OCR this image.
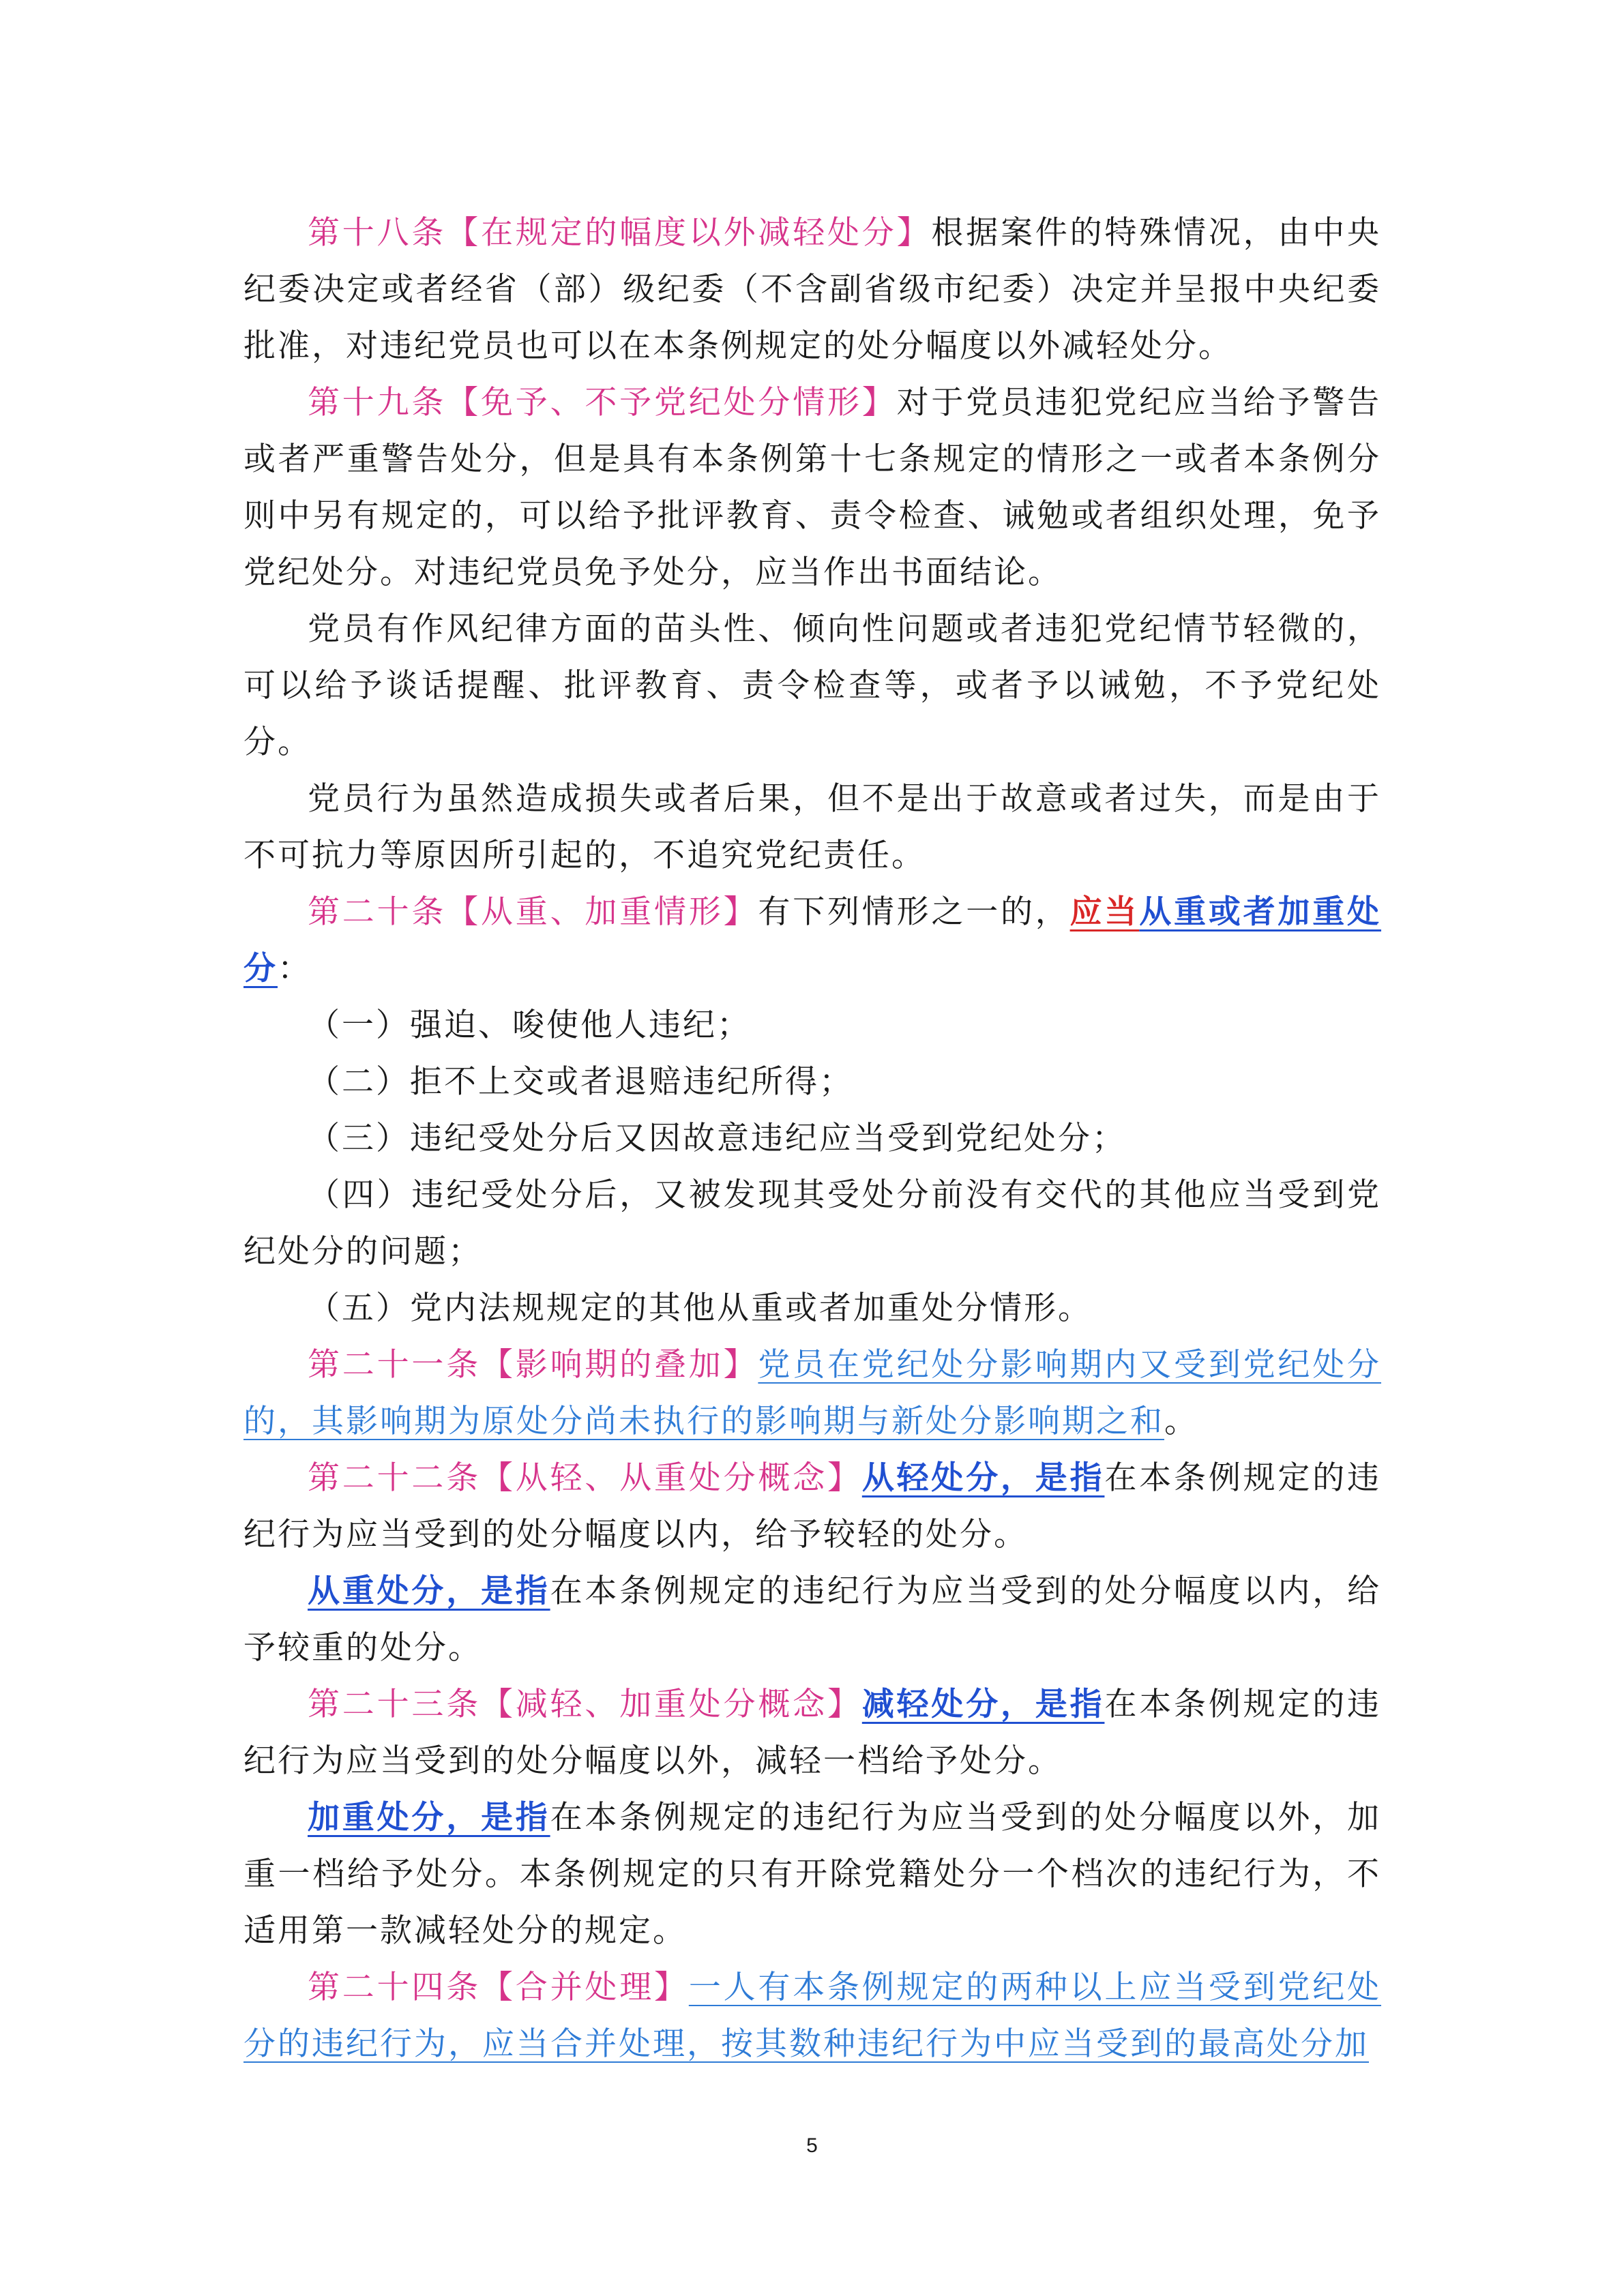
第十八条【在规定的幅度以外减轻处分】根据案件的特殊情况，由中央纪委决定或者经省（部）级纪委（不含副省级市纪委）决定并呈报中央纪委批准，对违纪党员也可以在本条例规定的处分幅度以外减轻处分。

第十九条【免予、不予党纪处分情形】对于党员违犯党纪应当给予警告或者严重警告处分，但是具有本条例第十七条规定的情形之一或者本条例分则中另有规定的，可以给予批评教育、责令检查、诫勉或者组织处理，免予党纪处分。对违纪党员免予处分，应当作出书面结论。

党员有作风纪律方面的苗头性、倾向性问题或者违犯党纪情节轻微的，可以给予谈话提醒、批评教育、责令检查等，或者予以诫勉，不予党纪处分。

党员行为虽然造成损失或者后果，但不是出于故意或者过失，而是由于不可抗力等原因所引起的，不追究党纪责任。

第二十条【从重、加重情形】有下列情形之一的，应当从重或者加重处分：

（一）强迫、唆使他人违纪；

（二）拒不上交或者退赔违纪所得；

（三）违纪受处分后又因故意违纪应当受到党纪处分；

（四）违纪受处分后，又被发现其受处分前没有交代的其他应当受到党纪处分的问题；

（五）党内法规规定的其他从重或者加重处分情形。

第二十一条【影响期的叠加】党员在党纪处分影响期内又受到党纪处分的，其影响期为原处分尚未执行的影响期与新处分影响期之和。

第二十二条【从轻、从重处分概念】从轻处分，是指在本条例规定的违纪行为应当受到的处分幅度以内，给予较轻的处分。

从重处分，是指在本条例规定的违纪行为应当受到的处分幅度以内，给予较重的处分。

第二十三条【减轻、加重处分概念】减轻处分，是指在本条例规定的违纪行为应当受到的处分幅度以外，减轻一档给予处分。

加重处分，是指在本条例规定的违纪行为应当受到的处分幅度以外，加重一档给予处分。本条例规定的只有开除党籍处分一个档次的违纪行为，不适用第一款减轻处分的规定。

第二十四条【合并处理】一人有本条例规定的两种以上应当受到党纪处分的违纪行为，应当合并处理，按其数种违纪行为中应当受到的最高处分加

5
